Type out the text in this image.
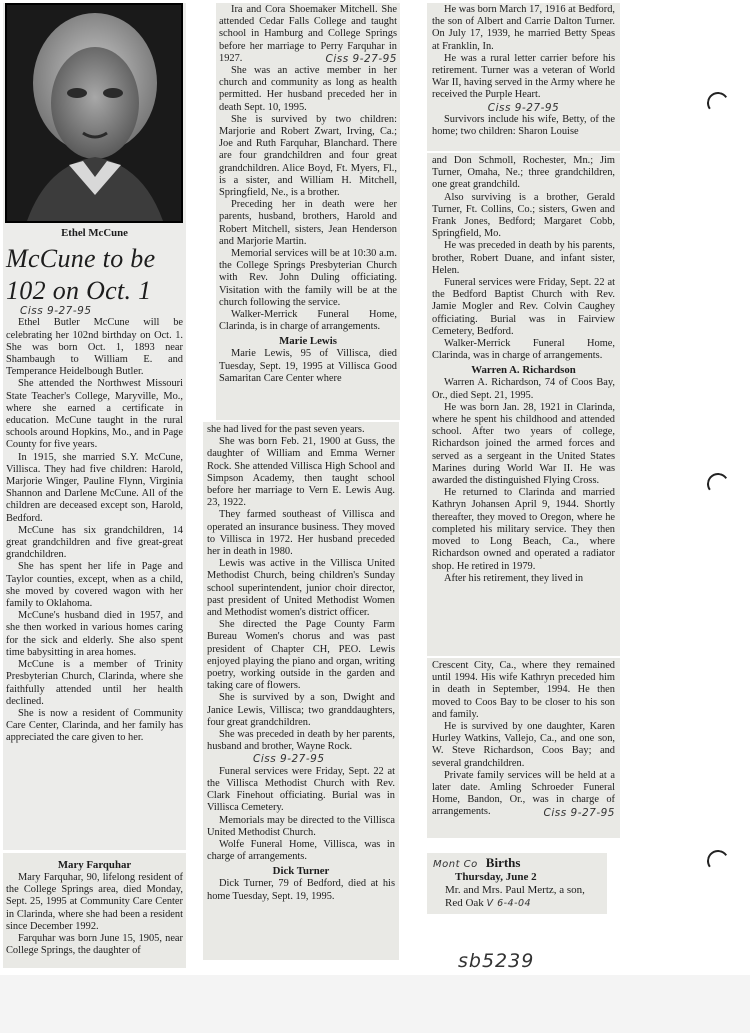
Ethel McCune
McCune to be 102 on Oct. 1
Ciss 9-27-95

Ethel Butler McCune will be celebrating her 102nd birthday on Oct. 1. She was born Oct. 1, 1893 near Shambaugh to William E. and Temperance Heidelbough Butler.

She attended the Northwest Missouri State Teacher's College, Maryville, Mo., where she earned a certificate in education. McCune taught in the rural schools around Hopkins, Mo., and in Page County for five years.

In 1915, she married S.Y. McCune, Villisca. They had five children: Harold, Marjorie Winger, Pauline Flynn, Virginia Shannon and Darlene McCune. All of the children are deceased except son, Harold, Bedford.

McCune has six grandchildren, 14 great grandchildren and five great-great grandchildren.

She has spent her life in Page and Taylor counties, except, when as a child, she moved by covered wagon with her family to Oklahoma.

McCune's husband died in 1957, and she then worked in various homes caring for the sick and elderly. She also spent time babysitting in area homes.

McCune is a member of Trinity Presbyterian Church, Clarinda, where she faithfully attended until her health declined.

She is now a resident of Community Care Center, Clarinda, and her family has appreciated the care given to her.

Mary Farquhar

Mary Farquhar, 90, lifelong resident of the College Springs area, died Monday, Sept. 25, 1995 at Community Care Center in Clarinda, where she had been a resident since December 1992.

Farquhar was born June 15, 1905, near College Springs, the daughter of

Ira and Cora Shoemaker Mitchell. She attended Cedar Falls College and taught school in Hamburg and College Springs before her marriage to Perry Farquhar in 1927.	Ciss 9-27-95

She was an active member in her church and community as long as health permitted. Her husband preceded her in death Sept. 10, 1995.

She is survived by two children: Marjorie and Robert Zwart, Irving, Ca.; Joe and Ruth Farquhar, Blanchard. There are four grandchildren and four great grandchildren. Alice Boyd, Ft. Myers, Fl., is a sister, and William H. Mitchell, Springfield, Ne., is a brother.

Preceding her in death were her parents, husband, brothers, Harold and Robert Mitchell, sisters, Jean Henderson and Marjorie Martin.

Memorial services will be at 10:30 a.m. the College Springs Presbyterian Church with Rev. John Duling officiating. Visitation with the family will be at the church following the service.

Walker-Merrick Funeral Home, Clarinda, is in charge of arrangements.

Marie Lewis

Marie Lewis, 95 of Villisca, died Tuesday, Sept. 19, 1995 at Villisca Good Samaritan Care Center where

she had lived for the past seven years.

She was born Feb. 21, 1900 at Guss, the daughter of William and Emma Werner Rock. She attended Villisca High School and Simpson Academy, then taught school before her marriage to Vern E. Lewis Aug. 23, 1922.

They farmed southeast of Villisca and operated an insurance business. They moved to Villisca in 1972. Her husband preceded her in death in 1980.

Lewis was active in the Villisca United Methodist Church, being children's Sunday school superintendent, junior choir director, past president of United Methodist Women and Methodist women's district officer.

She directed the Page County Farm Bureau Women's chorus and was past president of Chapter CH, PEO. Lewis enjoyed playing the piano and organ, writing poetry, working outside in the garden and taking care of flowers.

She is survived by a son, Dwight and Janice Lewis, Villisca; two granddaughters, four great grandchildren.

She was preceded in death by her parents, husband and brother, Wayne Rock.

Ciss 9-27-95

Funeral services were Friday, Sept. 22 at the Villisca Methodist Church with Rev. Clark Finehout officiating. Burial was in Villisca Cemetery.

Memorials may be directed to the Villisca United Methodist Church.

Wolfe Funeral Home, Villisca, was in charge of arrangements.

Dick Turner

Dick Turner, 79 of Bedford, died at his home Tuesday, Sept. 19, 1995.

He was born March 17, 1916 at Bedford, the son of Albert and Carrie Dalton Turner. On July 17, 1939, he married Betty Speas at Franklin, In.

He was a rural letter carrier before his retirement. Turner was a veteran of World War II, having served in the Army where he received the Purple Heart.

Ciss 9-27-95

Survivors include his wife, Betty, of the home; two children: Sharon Louise

and Don Schmoll, Rochester, Mn.; Jim Turner, Omaha, Ne.; three grandchildren, one great grandchild.

Also surviving is a brother, Gerald Turner, Ft. Collins, Co.; sisters, Gwen and Frank Jones, Bedford; Margaret Cobb, Springfield, Mo.

He was preceded in death by his parents, brother, Robert Duane, and infant sister, Helen.

Funeral services were Friday, Sept. 22 at the Bedford Baptist Church with Rev. Jamie Mogler and Rev. Colvin Caughey officiating. Burial was in Fairview Cemetery, Bedford.

Walker-Merrick Funeral Home, Clarinda, was in charge of arrangements.

Warren A. Richardson

Warren A. Richardson, 74 of Coos Bay, Or., died Sept. 21, 1995.

He was born Jan. 28, 1921 in Clarinda, where he spent his childhood and attended school. After two years of college, Richardson joined the armed forces and served as a sergeant in the United States Marines during World War II. He was awarded the distinguished Flying Cross.

He returned to Clarinda and married Kathryn Johansen April 9, 1944. Shortly thereafter, they moved to Oregon, where he completed his military service. They then moved to Long Beach, Ca., where Richardson owned and operated a radiator shop. He retired in 1979.

After his retirement, they lived in

Crescent City, Ca., where they remained until 1994. His wife Kathryn preceded him in death in September, 1994. He then moved to Coos Bay to be closer to his son and family.

He is survived by one daughter, Karen Hurley Watkins, Vallejo, Ca., and one son, W. Steve Richardson, Coos Bay; and several grandchildren.

Private family services will be held at a later date. Amling Schroeder Funeral Home, Bandon, Or., was in charge of arrangements.	Ciss 9-27-95
Mont Co Births
Thursday, June 2
Mr. and Mrs. Paul Mertz, a son, Red Oak V 6-4-04
sb5239
